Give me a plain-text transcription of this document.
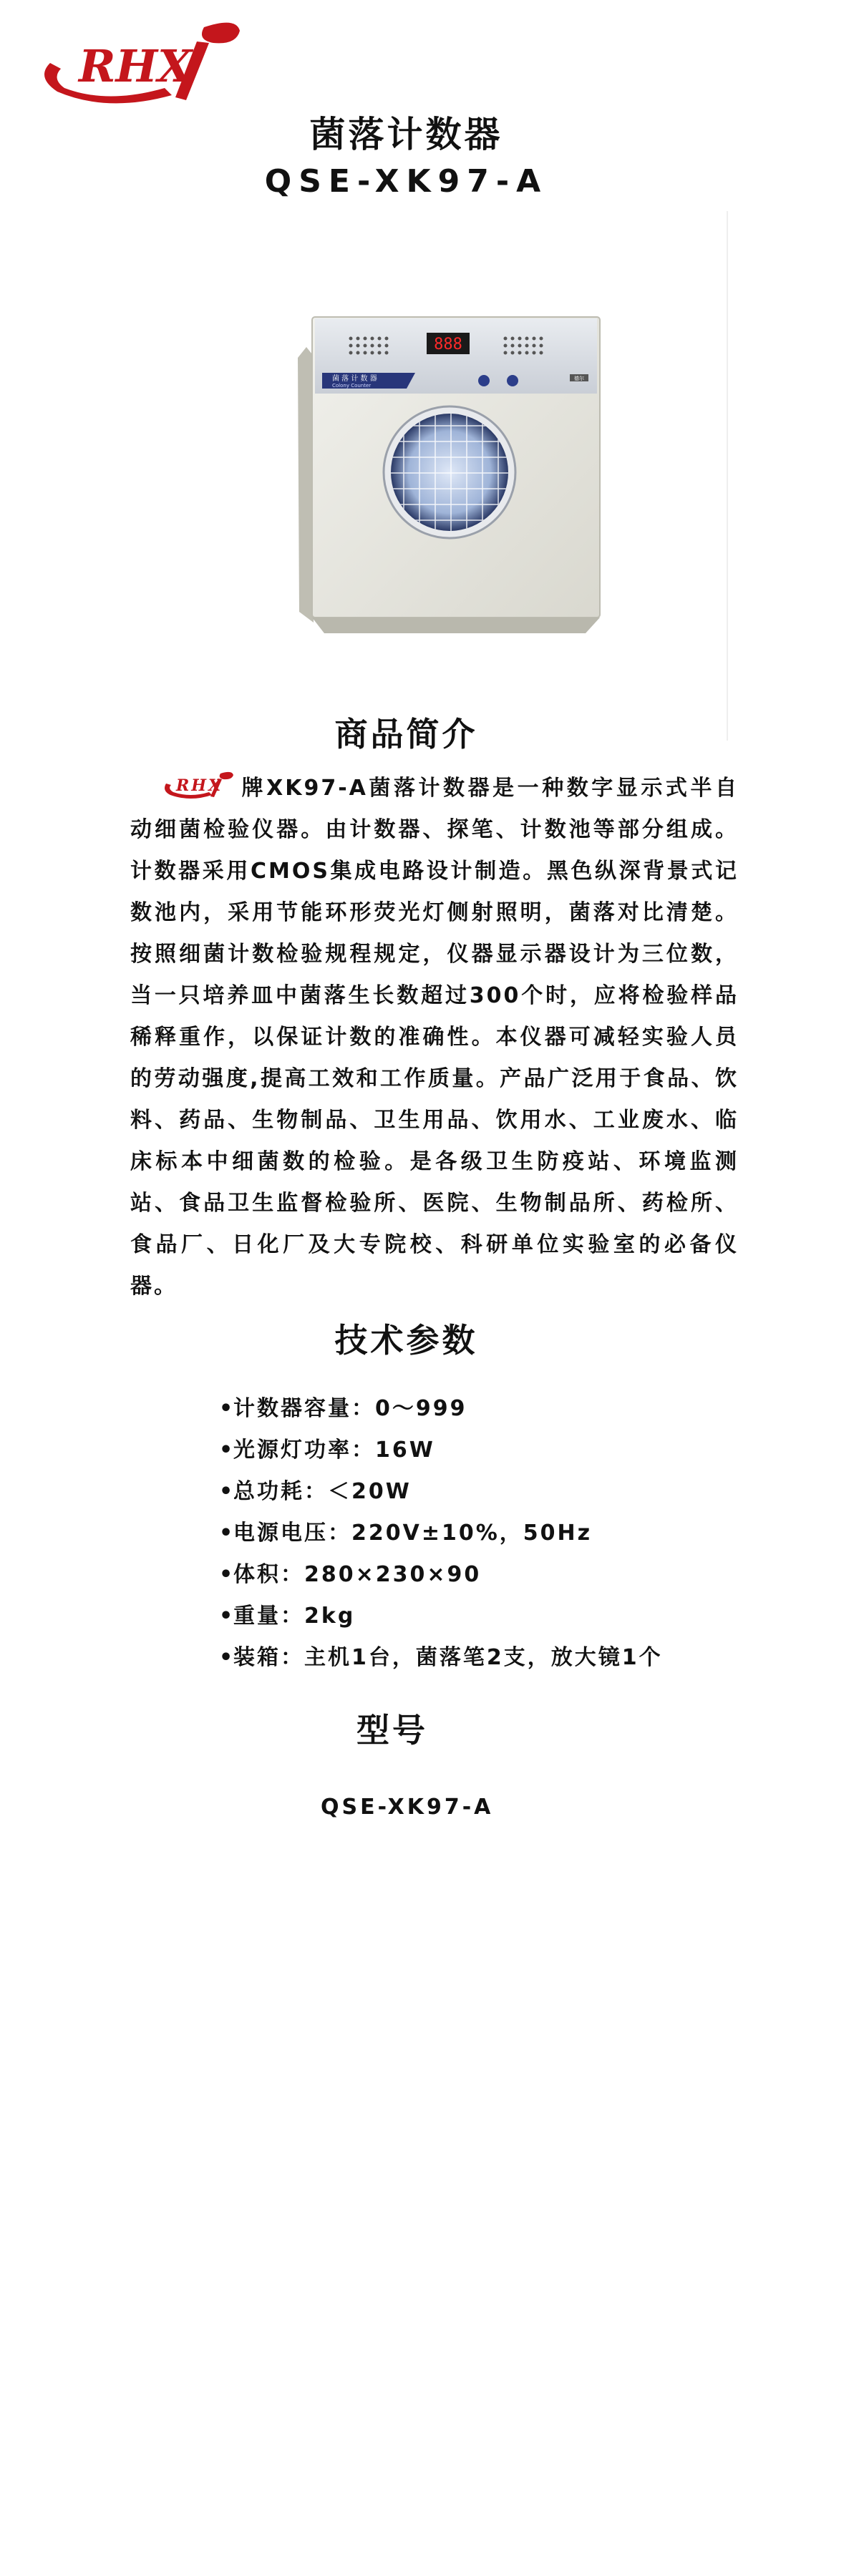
RHX
菌落计数器
QSE-XK97-A
888
菌 落 计 数 器
Colony Counter
德尔
商品简介
RHX 牌XK97-A菌落计数器是一种数字显示式半自动细菌检验仪器。由计数器、探笔、计数池等部分组成。计数器采用CMOS集成电路设计制造。黑色纵深背景式记数池内，采用节能环形荧光灯侧射照明，菌落对比清楚。按照细菌计数检验规程规定，仪器显示器设计为三位数，当一只培养皿中菌落生长数超过300个时，应将检验样品稀释重作，以保证计数的准确性。本仪器可减轻实验人员的劳动强度,提高工效和工作质量。产品广泛用于食品、饮料、药品、生物制品、卫生用品、饮用水、工业废水、临床标本中细菌数的检验。是各级卫生防疫站、环境监测站、食品卫生监督检验所、医院、生物制品所、药检所、食品厂、日化厂及大专院校、科研单位实验室的必备仪器。
技术参数
•计数器容量：0～999
•光源灯功率：16W
•总功耗：＜20W
•电源电压：220V±10%，50Hz
•体积：280×230×90
•重量：2kg
•装箱：主机1台，菌落笔2支，放大镜1个
型号
QSE-XK97-A
